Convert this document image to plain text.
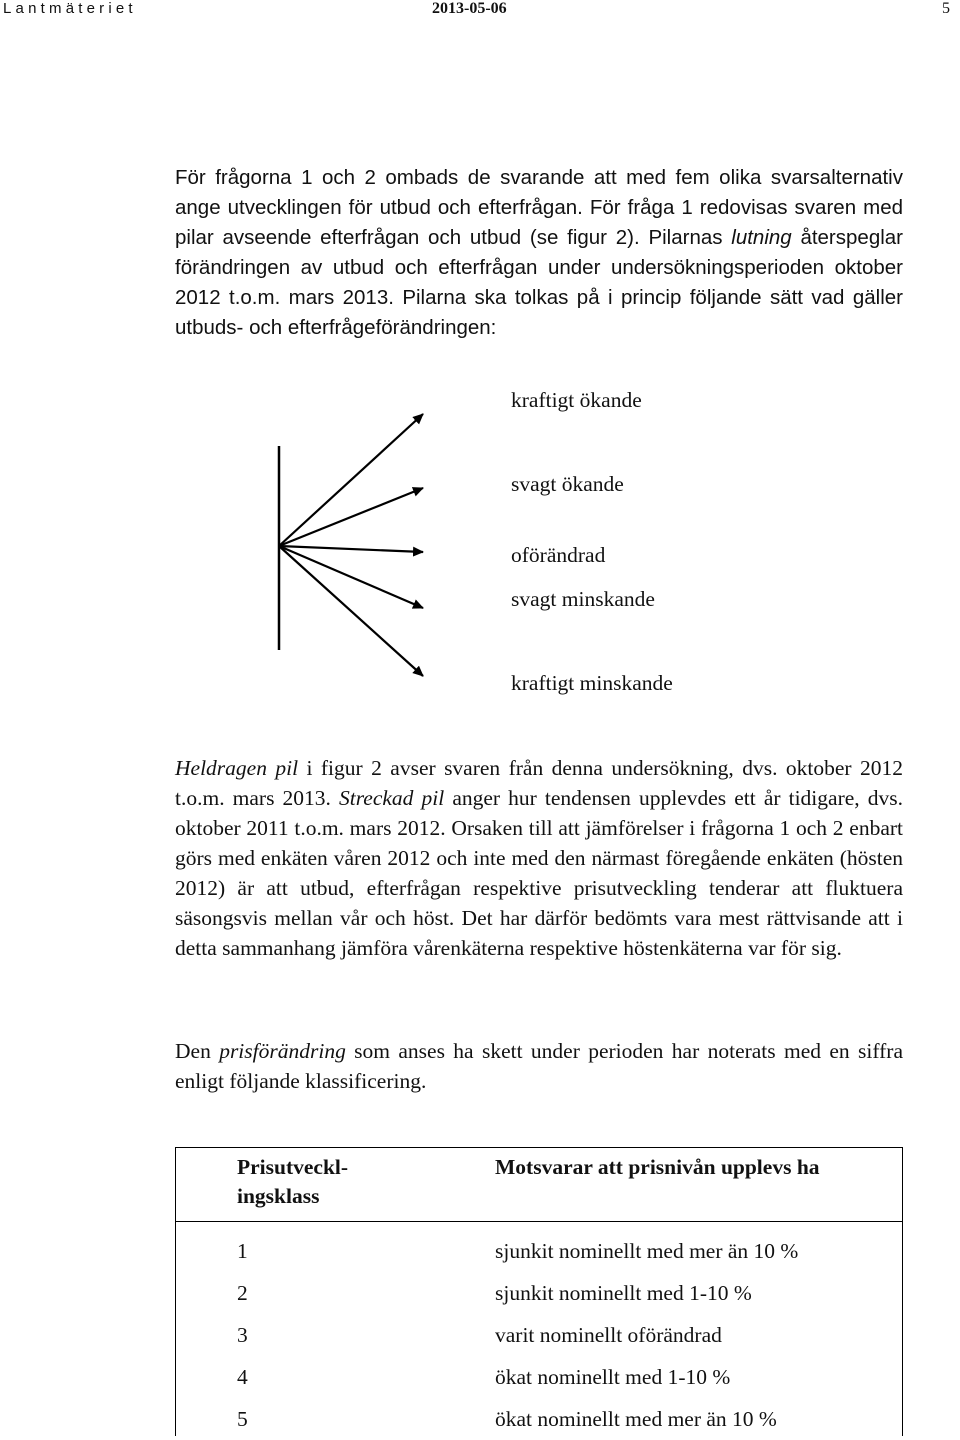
Lantmäteriet	2013-05-06	5

För frågorna 1 och 2 ombads de svarande att med fem olika svarsalternativ ange utvecklingen för utbud och efterfrågan. För fråga 1 redovisas svaren med pilar avseende efterfrågan och utbud (se figur 2). Pilarnas lutning återspeglar förändringen av utbud och efterfrågan under undersökningsperioden oktober 2012 t.o.m. mars 2013. Pilarna ska tolkas på i princip följande sätt vad gäller utbuds- och efterfrågeförändringen:

kraftigt ökande
svagt ökande
oförändrad
svagt minskande
kraftigt minskande

Heldragen pil i figur 2 avser svaren från denna undersökning, dvs. oktober 2012 t.o.m. mars 2013. Streckad pil anger hur tendensen upplevdes ett år tidigare, dvs. oktober 2011 t.o.m. mars 2012. Orsaken till att jämförelser i frågorna 1 och 2 enbart görs med enkäten våren 2012 och inte med den närmast föregående enkäten (hösten 2012) är att utbud, efterfrågan respektive prisutveckling tenderar att fluktuera säsongsvis mellan vår och höst. Det har därför bedömts vara mest rättvisande att i detta sammanhang jämföra vårenkäterna respektive höstenkäterna var för sig.

Den prisförändring som anses ha skett under perioden har noterats med en siffra enligt följande klassificering.

Prisutveckl-
ingsklass	Motsvarar att prisnivån upplevs ha
1	sjunkit nominellt med mer än 10 %
2	sjunkit nominellt med 1-10 %
3	varit nominellt oförändrad
4	ökat nominellt med 1-10 %
5	ökat nominellt med mer än 10 %
